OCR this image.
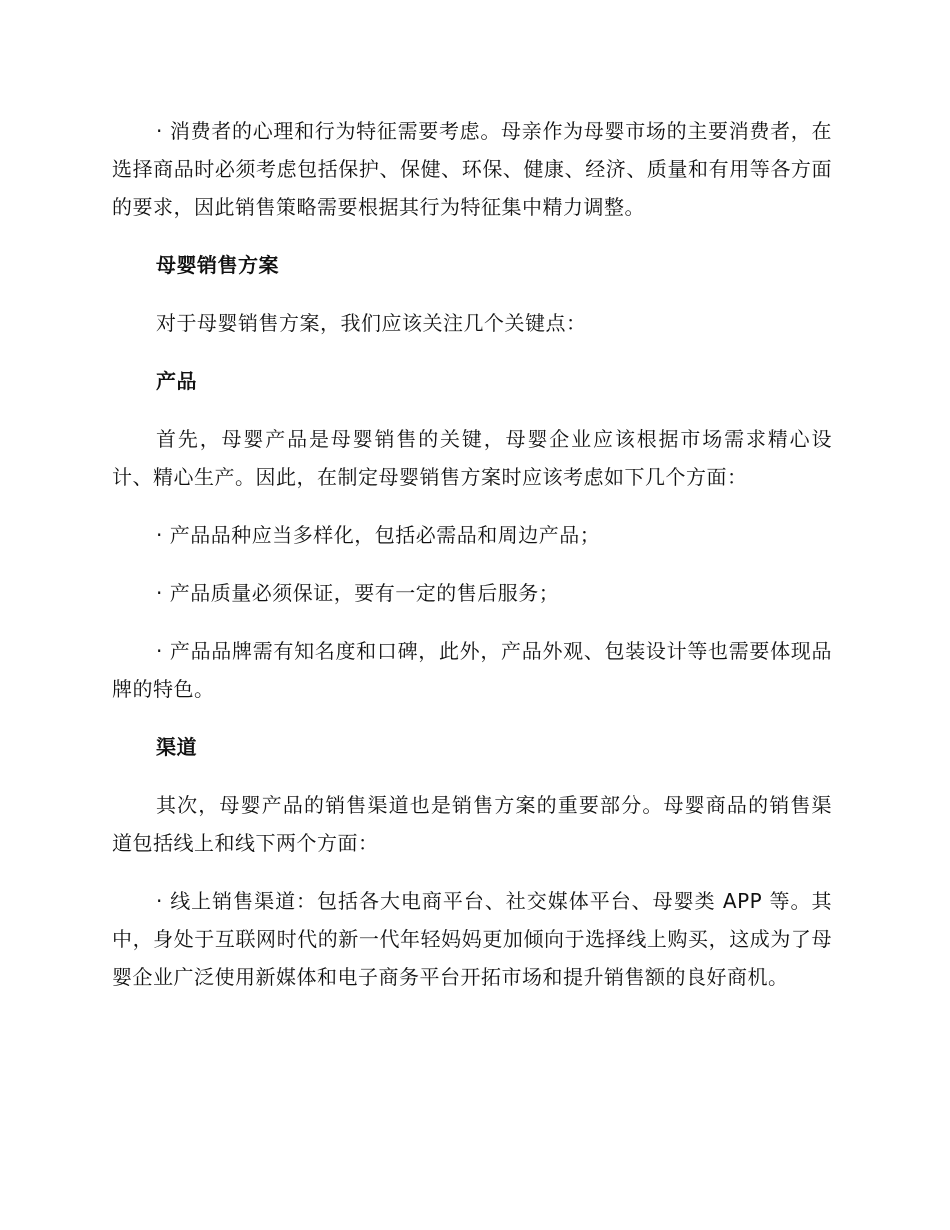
· 消费者的心理和行为特征需要考虑。母亲作为母婴市场的主要消费者，在选择商品时必须考虑包括保护、保健、环保、健康、经济、质量和有用等各方面的要求，因此销售策略需要根据其行为特征集中精力调整。

母婴销售方案

对于母婴销售方案，我们应该关注几个关键点：

产品

首先，母婴产品是母婴销售的关键，母婴企业应该根据市场需求精心设计、精心生产。因此，在制定母婴销售方案时应该考虑如下几个方面：

· 产品品种应当多样化，包括必需品和周边产品；

· 产品质量必须保证，要有一定的售后服务；

· 产品品牌需有知名度和口碑，此外，产品外观、包装设计等也需要体现品牌的特色。

渠道

其次，母婴产品的销售渠道也是销售方案的重要部分。母婴商品的销售渠道包括线上和线下两个方面：

· 线上销售渠道：包括各大电商平台、社交媒体平台、母婴类 APP 等。其中，身处于互联网时代的新一代年轻妈妈更加倾向于选择线上购买，这成为了母婴企业广泛使用新媒体和电子商务平台开拓市场和提升销售额的良好商机。
